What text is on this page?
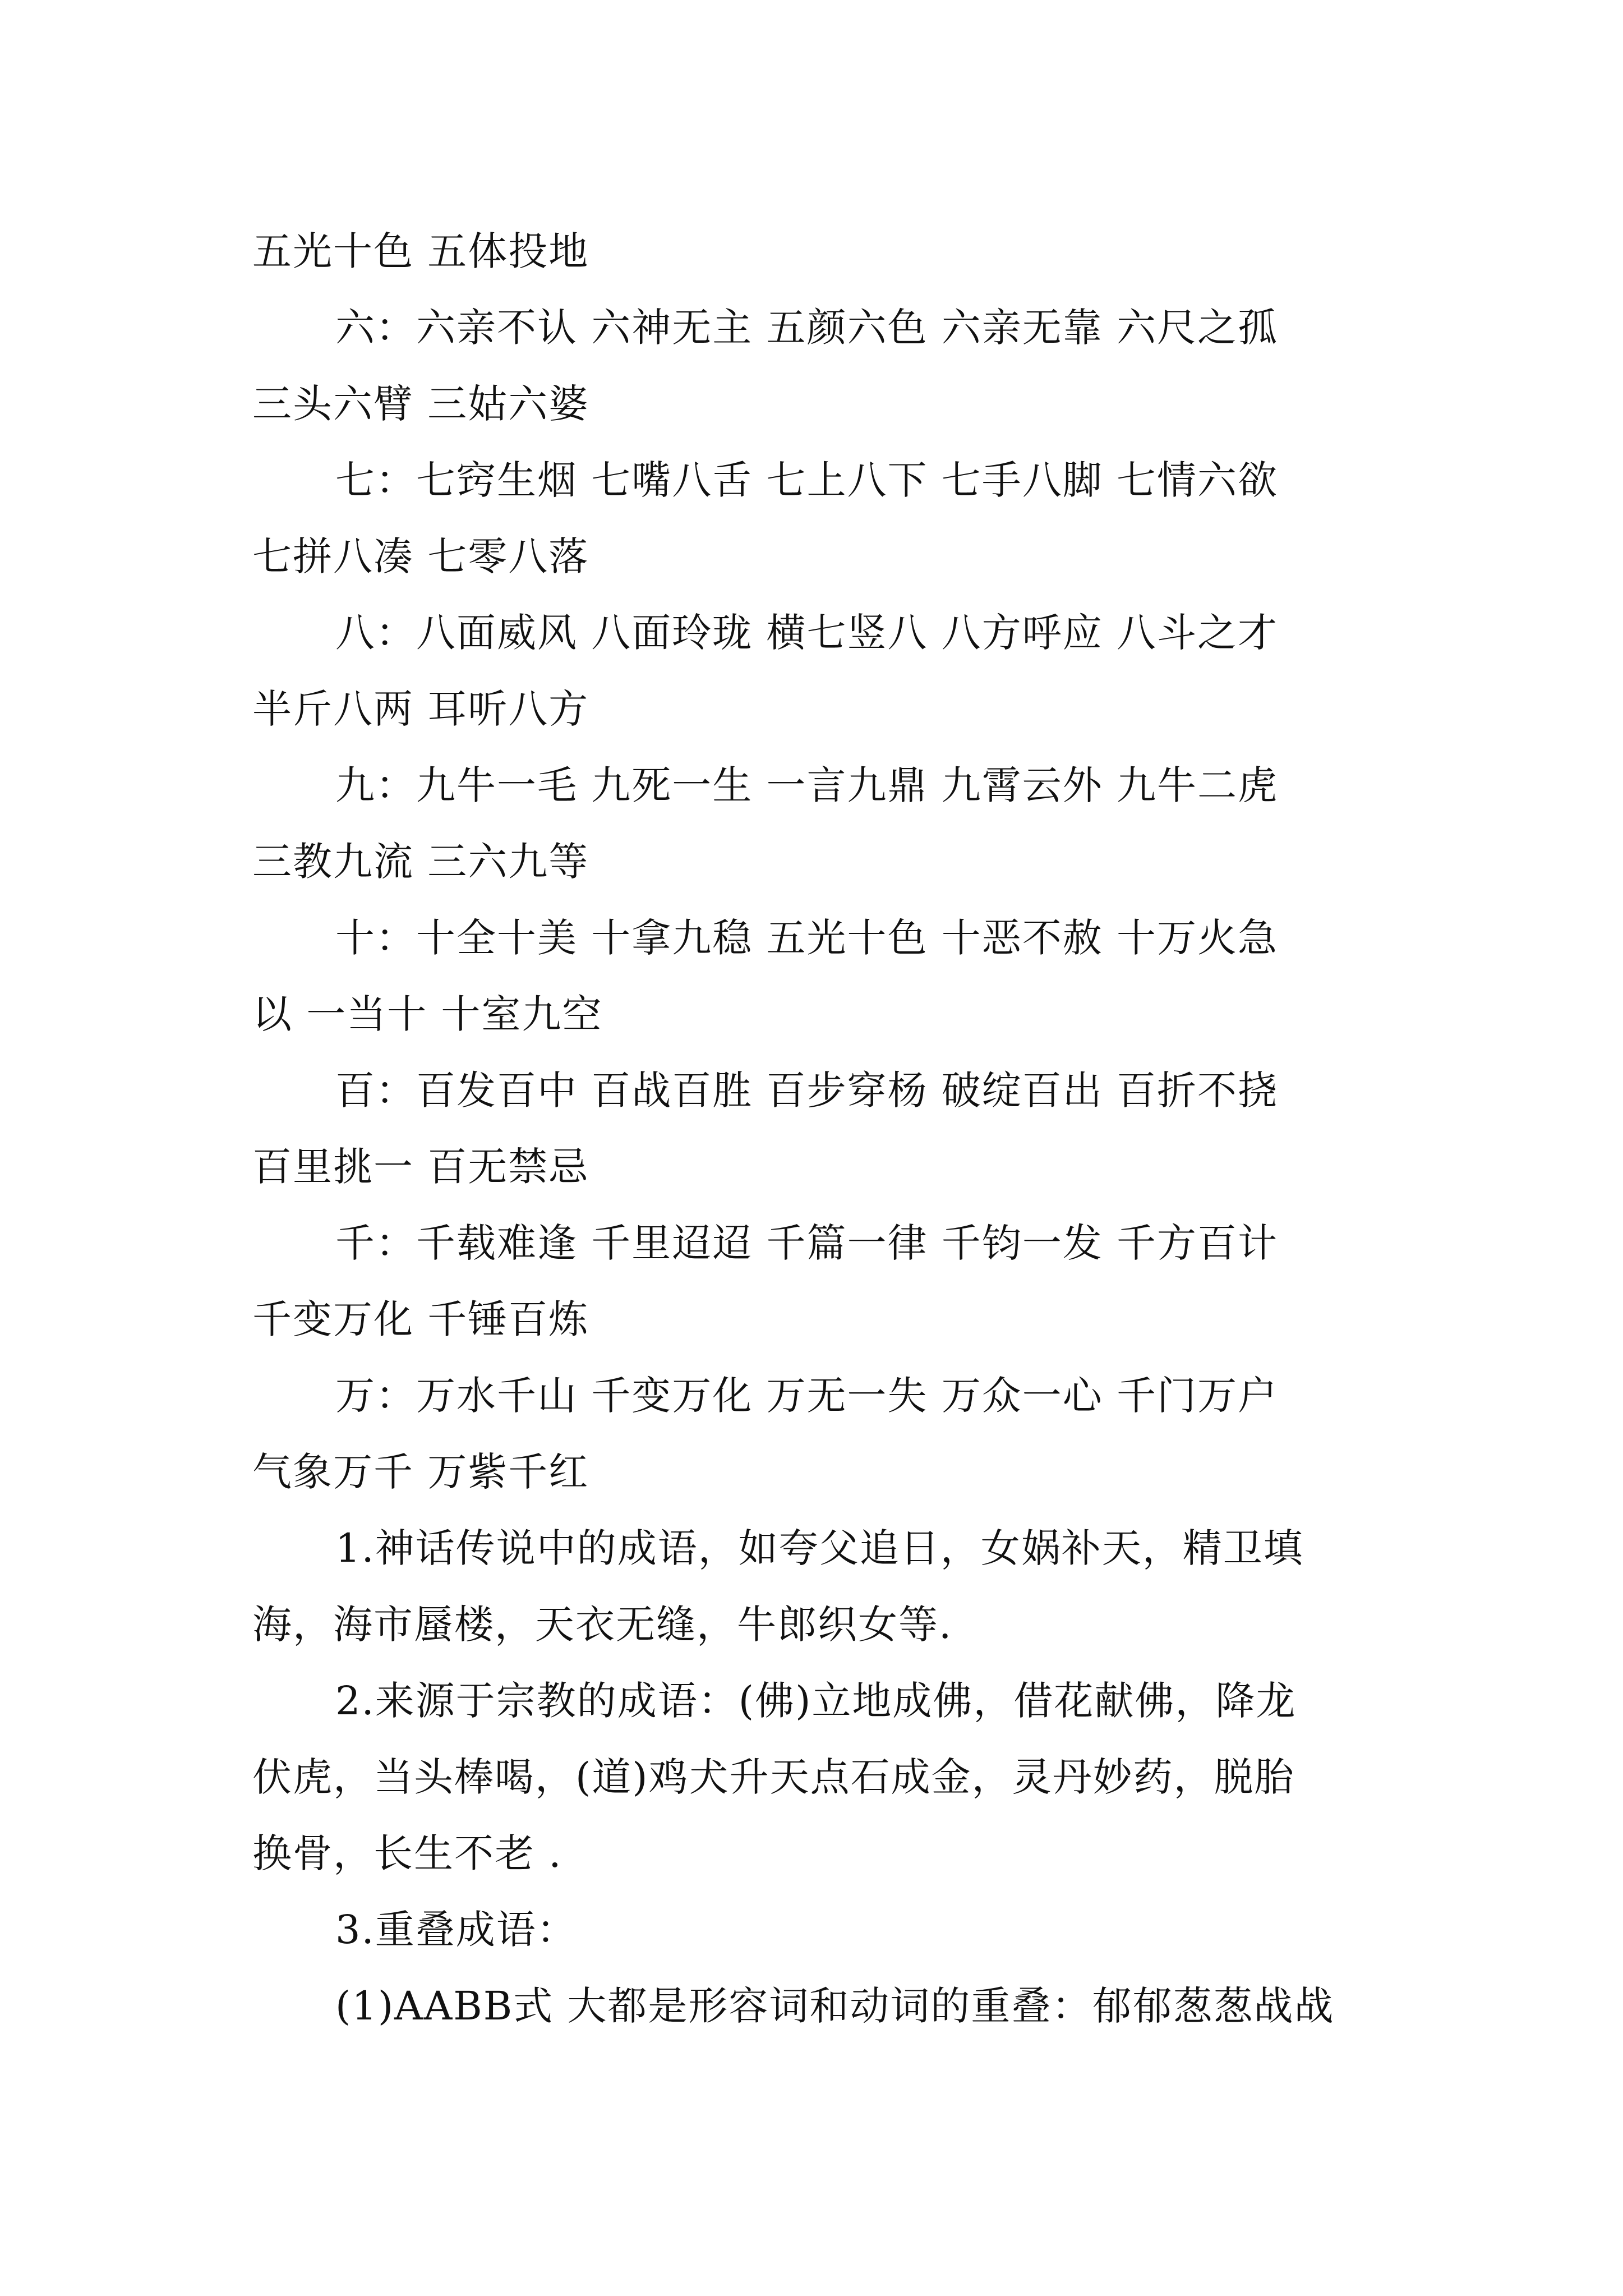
五光十色 五体投地
六：六亲不认 六神无主 五颜六色 六亲无靠 六尺之孤
三头六臂 三姑六婆
七：七窍生烟 七嘴八舌 七上八下 七手八脚 七情六欲
七拼八凑 七零八落
八：八面威风 八面玲珑 横七竖八 八方呼应 八斗之才
半斤八两 耳听八方
九：九牛一毛 九死一生 一言九鼎 九霄云外 九牛二虎
三教九流 三六九等
十：十全十美 十拿九稳 五光十色 十恶不赦 十万火急
以 一当十 十室九空
百：百发百中 百战百胜 百步穿杨 破绽百出 百折不挠
百里挑一 百无禁忌
千：千载难逢 千里迢迢 千篇一律 千钧一发 千方百计
千变万化 千锤百炼
万：万水千山 千变万化 万无一失 万众一心 千门万户
气象万千 万紫千红
1.神话传说中的成语，如夸父追日，女娲补天，精卫填
海，海市蜃楼，天衣无缝，牛郎织女等.
2.来源于宗教的成语：(佛)立地成佛，借花献佛，降龙
伏虎，当头棒喝，(道)鸡犬升天点石成金，灵丹妙药，脱胎
换骨，长生不老 .
3.重叠成语：
(1)AABB式 大都是形容词和动词的重叠：郁郁葱葱战战
